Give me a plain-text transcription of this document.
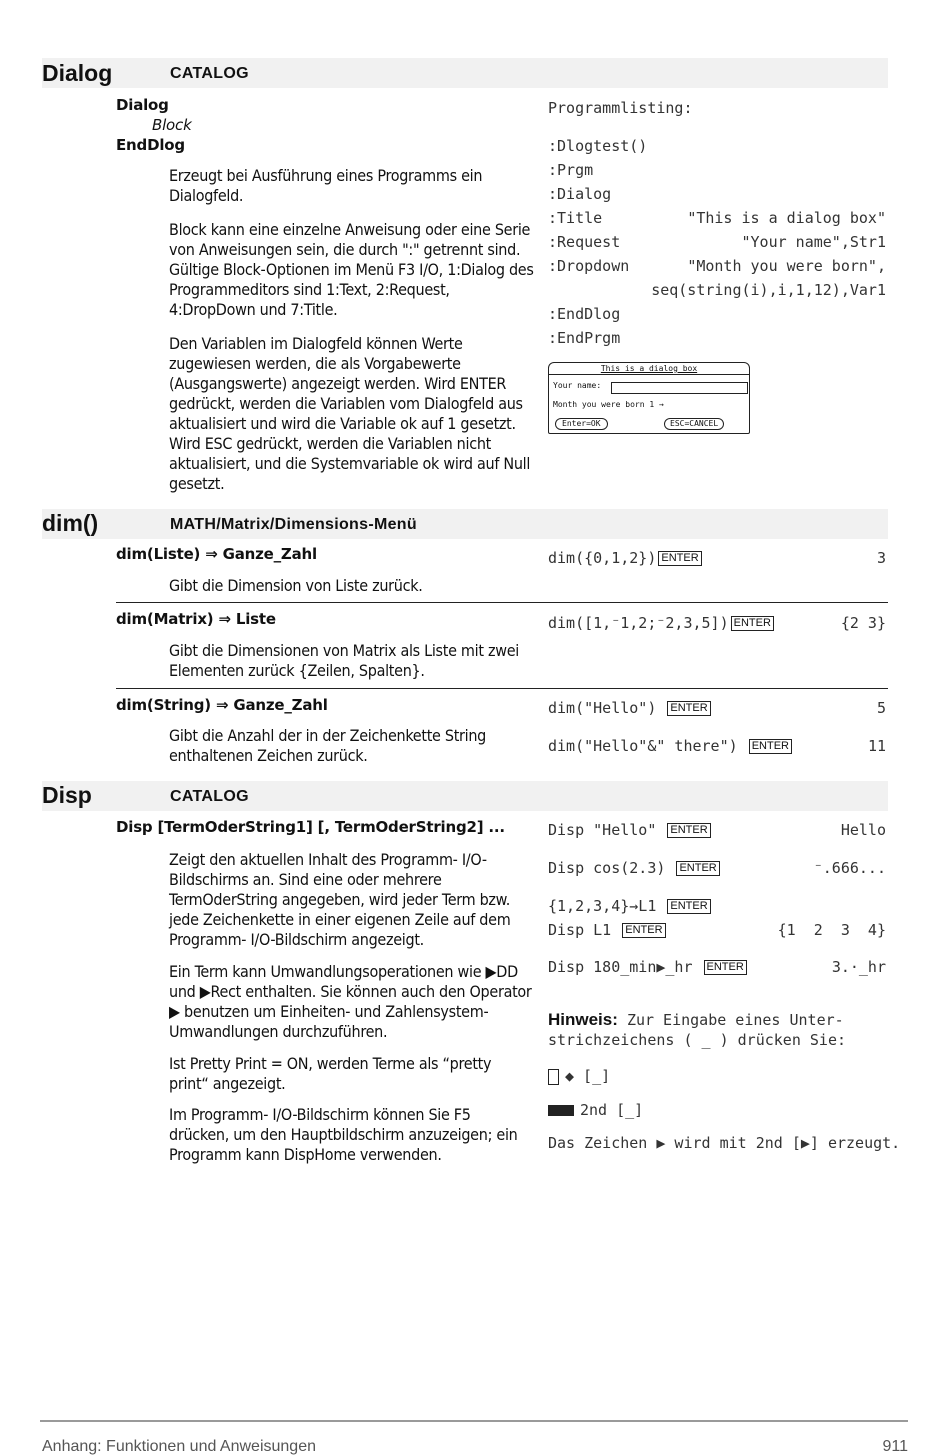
Dialog	CATALOG
Dialog
Block
EndDlog
Erzeugt bei Ausführung eines Programms ein Dialogfeld.
Block kann eine einzelne Anweisung oder eine Serie von Anweisungen sein, die durch ":" getrennt sind. Gültige Block-Optionen im Menü F3 I/O, 1:Dialog des Programmeditors sind 1:Text, 2:Request, 4:DropDown und 7:Title.
Den Variablen im Dialogfeld können Werte zugewiesen werden, die als Vorgabewerte (Ausgangswerte) angezeigt werden. Wird ENTER gedrückt, werden die Variablen vom Dialogfeld aus aktualisiert und wird die Variable ok auf 1 gesetzt. Wird ESC gedrückt, werden die Variablen nicht aktualisiert, und die Systemvariable ok wird auf Null gesetzt.
Programmlisting:
:Dlogtest()
:Prgm
:Dialog
:Title	"This is a dialog box"
:Request	"Your name",Str1
:Dropdown	"Month you were born",
seq(string(i),i,1,12),Var1
:EndDlog
:EndPrgm
This is a dialog box
Your name:
Month you were born 1 →
Enter=OK	ESC=CANCEL
dim()	MATH/Matrix/Dimensions-Menü
dim(Liste) ⇒ Ganze_Zahl
Gibt die Dimension von Liste zurück.
dim({0,1,2}) ENTER	3
dim(Matrix) ⇒ Liste
Gibt die Dimensionen von Matrix als Liste mit zwei Elementen zurück {Zeilen, Spalten}.
dim([1,⁻1,2;⁻2,3,5]) ENTER	{2 3}
dim(String) ⇒ Ganze_Zahl
Gibt die Anzahl der in der Zeichenkette String enthaltenen Zeichen zurück.
dim("Hello") ENTER	5
dim("Hello"&" there") ENTER	11
Disp	CATALOG
Disp [TermOderString1] [, TermOderString2] ...
Zeigt den aktuellen Inhalt des Programm- I/O-Bildschirms an. Sind eine oder mehrere TermOderString angegeben, wird jeder Term bzw. jede Zeichenkette in einer eigenen Zeile auf dem Programm- I/O-Bildschirm angezeigt.
Ein Term kann Umwandlungsoperationen wie ▶DD und ▶Rect enthalten. Sie können auch den Operator ▶ benutzen um Einheiten- und Zahlensystem-Umwandlungen durchzuführen.
Ist Pretty Print = ON, werden Terme als “pretty print“ angezeigt.
Im Programm- I/O-Bildschirm können Sie F5 drücken, um den Hauptbildschirm anzuzeigen; ein Programm kann DispHome verwenden.
Disp "Hello" ENTER	Hello
Disp cos(2.3) ENTER	⁻.666...
{1,2,3,4}→L1 ENTER
Disp L1 ENTER	{1  2  3  4}
Disp 180_min▶_hr ENTER	3.·_hr
Hinweis: Zur Eingabe eines Unter-
strichzeichens ( _ ) drücken Sie:
◆ [_]
2nd [_]
Das Zeichen ▶ wird mit 2nd [▶] erzeugt.
Anhang: Funktionen und Anweisungen	911
